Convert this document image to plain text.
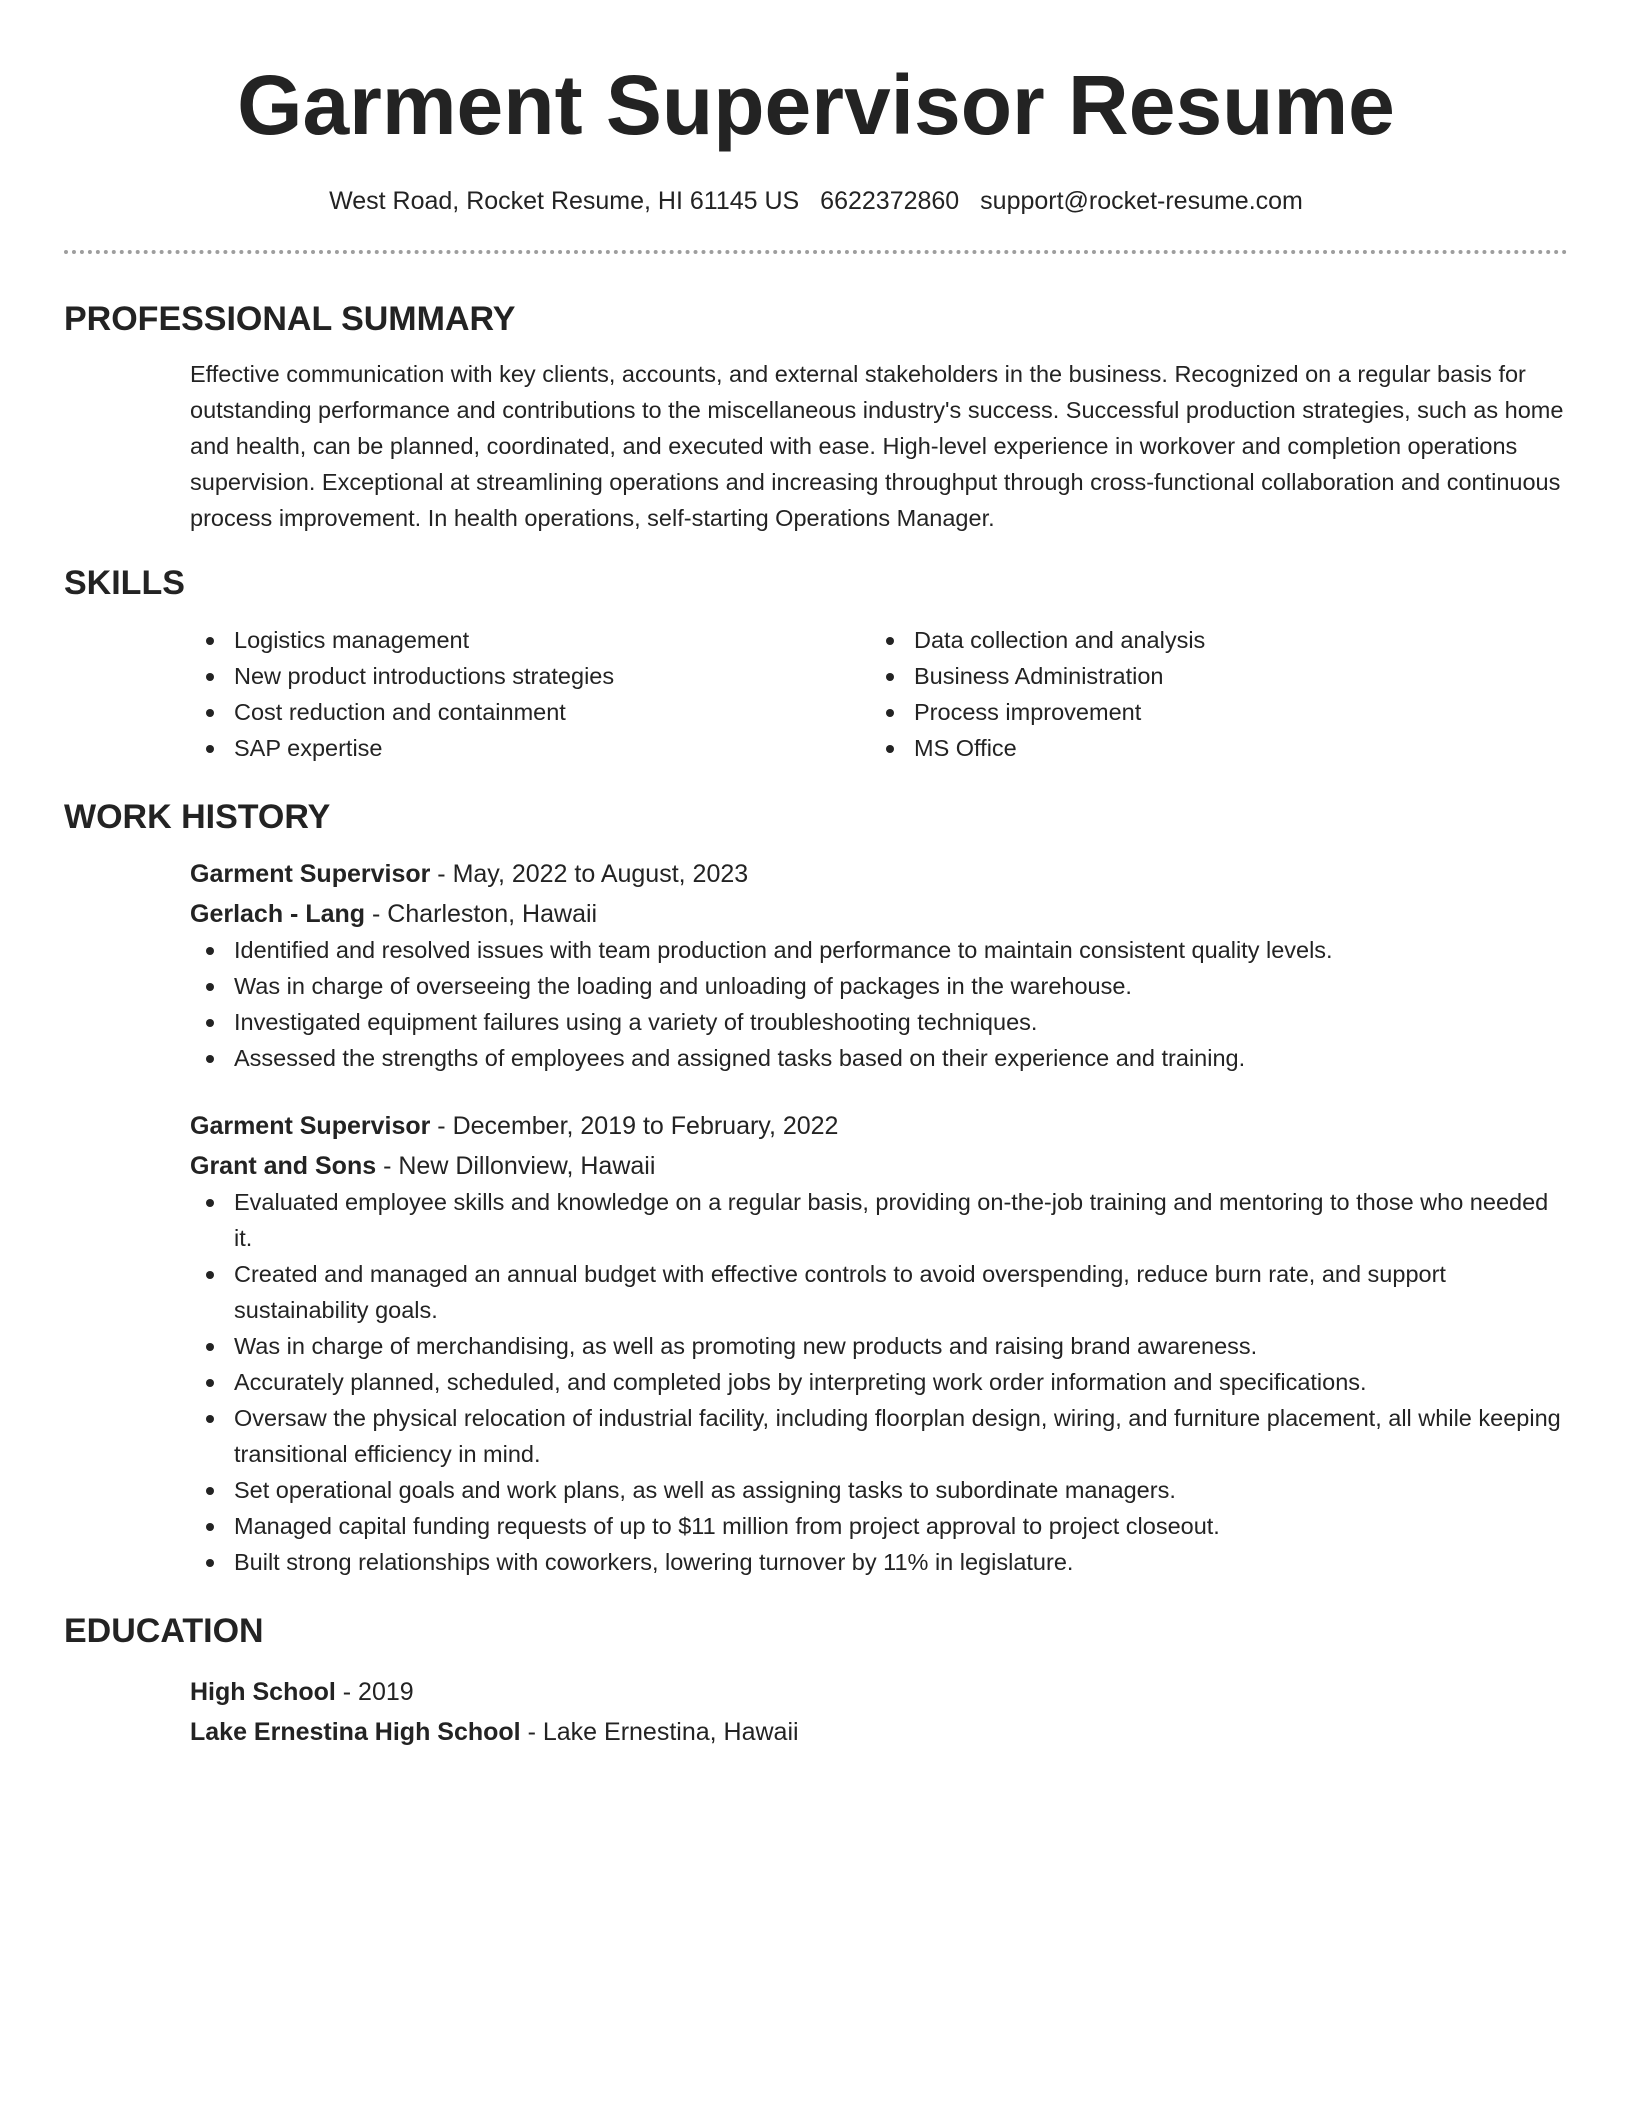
Garment Supervisor Resume
West Road, Rocket Resume, HI 61145 US 6622372860 support@rocket-resume.com
PROFESSIONAL SUMMARY
Effective communication with key clients, accounts, and external stakeholders in the business. Recognized on a regular basis for outstanding performance and contributions to the miscellaneous industry's success. Successful production strategies, such as home and health, can be planned, coordinated, and executed with ease. High-level experience in workover and completion operations supervision. Exceptional at streamlining operations and increasing throughput through cross-functional collaboration and continuous process improvement. In health operations, self-starting Operations Manager.
SKILLS
Logistics management
New product introductions strategies
Cost reduction and containment
SAP expertise
Data collection and analysis
Business Administration
Process improvement
MS Office
WORK HISTORY
Garment Supervisor - May, 2022 to August, 2023
Gerlach - Lang - Charleston, Hawaii
Identified and resolved issues with team production and performance to maintain consistent quality levels.
Was in charge of overseeing the loading and unloading of packages in the warehouse.
Investigated equipment failures using a variety of troubleshooting techniques.
Assessed the strengths of employees and assigned tasks based on their experience and training.
Garment Supervisor - December, 2019 to February, 2022
Grant and Sons - New Dillonview, Hawaii
Evaluated employee skills and knowledge on a regular basis, providing on-the-job training and mentoring to those who needed it.
Created and managed an annual budget with effective controls to avoid overspending, reduce burn rate, and support sustainability goals.
Was in charge of merchandising, as well as promoting new products and raising brand awareness.
Accurately planned, scheduled, and completed jobs by interpreting work order information and specifications.
Oversaw the physical relocation of industrial facility, including floorplan design, wiring, and furniture placement, all while keeping transitional efficiency in mind.
Set operational goals and work plans, as well as assigning tasks to subordinate managers.
Managed capital funding requests of up to $11 million from project approval to project closeout.
Built strong relationships with coworkers, lowering turnover by 11% in legislature.
EDUCATION
High School - 2019
Lake Ernestina High School - Lake Ernestina, Hawaii
